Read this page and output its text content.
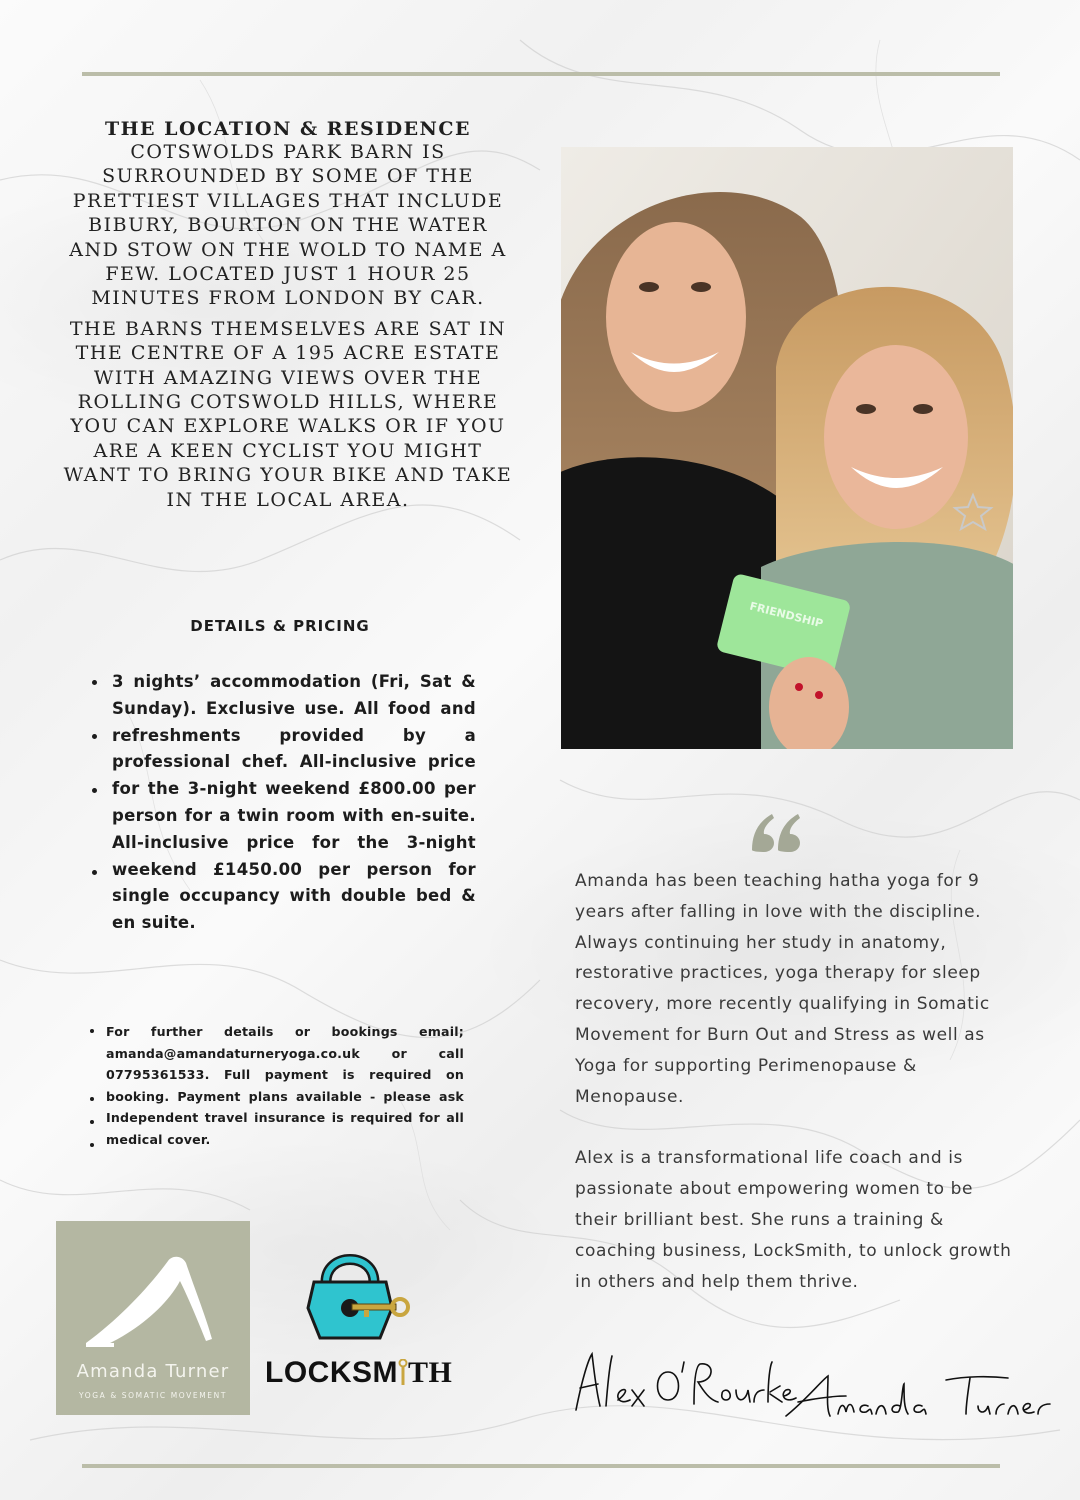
THE LOCATION & RESIDENCE

COTSWOLDS PARK BARN IS SURROUNDED BY SOME OF THE PRETTIEST VILLAGES THAT INCLUDE BIBURY, BOURTON ON THE WATER AND STOW ON THE WOLD TO NAME A FEW. LOCATED JUST 1 HOUR 25 MINUTES FROM LONDON BY CAR.

THE BARNS THEMSELVES ARE SAT IN THE CENTRE OF A 195 ACRE ESTATE WITH AMAZING VIEWS OVER THE ROLLING COTSWOLD HILLS, WHERE YOU CAN EXPLORE WALKS OR IF YOU ARE A KEEN CYCLIST YOU MIGHT WANT TO BRING YOUR BIKE AND TAKE IN THE LOCAL AREA.

FRIENDSHIP
DETAILS & PRICING

3 nights’ accommodation (Fri, Sat & Sunday). Exclusive use. All food and refreshments provided by a professional chef. All-inclusive price for the 3-night weekend £800.00 per person for a twin room with en-suite. All-inclusive price for the 3-night weekend £1450.00 per person for single occupancy with double bed & en suite.

For further details or bookings email; amanda@amandaturneryoga.co.uk or call 07795361533. Full payment is required on booking. Payment plans available - please ask Independent travel insurance is required for all medical cover.

Amanda has been teaching hatha yoga for 9 years after falling in love with the discipline. Always continuing her study in anatomy, restorative practices, yoga therapy for sleep recovery, more recently qualifying in Somatic Movement for Burn Out and Stress as well as Yoga for supporting Perimenopause & Menopause.

Alex is a transformational life coach and is passionate about empowering women to be their brilliant best. She runs a training & coaching business, LockSmith, to unlock growth in others and help them thrive.

Amanda Turner
YOGA & SOMATIC MOVEMENT
LOCKSM TH
